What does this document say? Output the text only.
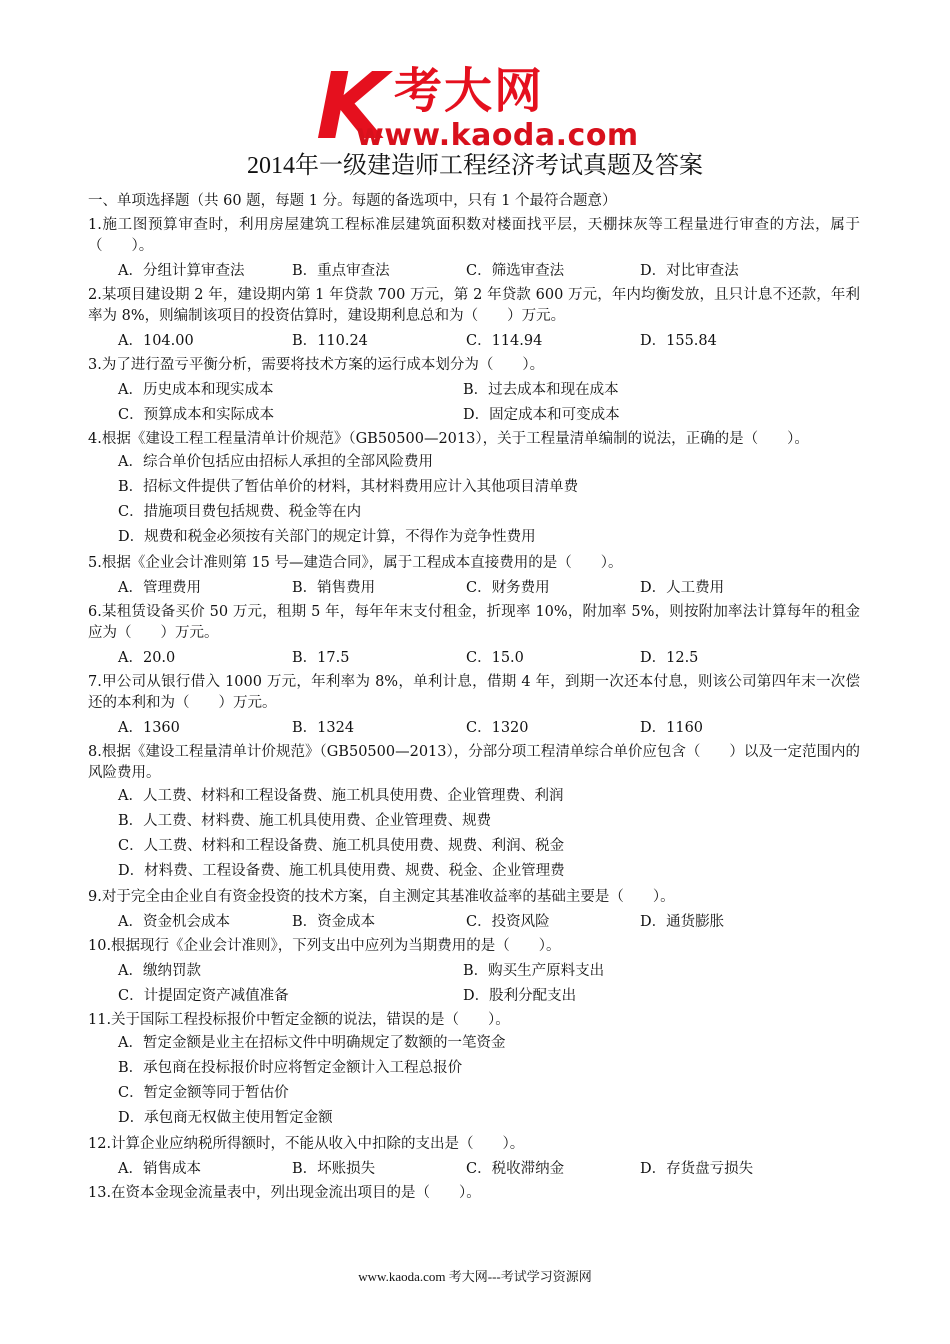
K 考大网
www.kaoda.com
2014年一级建造师工程经济考试真题及答案

一、单项选择题（共 60 题，每题 1 分。每题的备选项中，只有 1 个最符合题意）

1.施工图预算审查时，利用房屋建筑工程标准层建筑面积数对楼面找平层，天棚抹灰等工程量进行审查的方法，属于（　　）。

A．分组计算审查法	B．重点审查法	C．筛选审查法	D．对比审查法

2.某项目建设期 2 年，建设期内第 1 年贷款 700 万元，第 2 年贷款 600 万元，年内均衡发放，且只计息不还款，年利率为 8%，则编制该项目的投资估算时，建设期利息总和为（　　）万元。

A．104.00	B．110.24	C．114.94	D．155.84

3.为了进行盈亏平衡分析，需要将技术方案的运行成本划分为（　　）。

A．历史成本和现实成本	B．过去成本和现在成本
C．预算成本和实际成本	D．固定成本和可变成本

4.根据《建设工程工程量清单计价规范》（GB50500—2013），关于工程量清单编制的说法，正确的是（　　）。

A．综合单价包括应由招标人承担的全部风险费用
B．招标文件提供了暂估单价的材料，其材料费用应计入其他项目清单费
C．措施项目费包括规费、税金等在内
D．规费和税金必须按有关部门的规定计算，不得作为竞争性费用

5.根据《企业会计准则第 15 号—建造合同》，属于工程成本直接费用的是（　　）。

A．管理费用	B．销售费用	C．财务费用	D．人工费用

6.某租赁设备买价 50 万元，租期 5 年，每年年末支付租金，折现率 10%，附加率 5%，则按附加率法计算每年的租金应为（　　）万元。

A．20.0	B．17.5	C．15.0	D．12.5

7.甲公司从银行借入 1000 万元，年利率为 8%，单利计息，借期 4 年，到期一次还本付息，则该公司第四年末一次偿还的本利和为（　　）万元。

A．1360	B．1324	C．1320	D．1160

8.根据《建设工程量清单计价规范》（GB50500—2013），分部分项工程清单综合单价应包含（　　）以及一定范围内的风险费用。

A．人工费、材料和工程设备费、施工机具使用费、企业管理费、利润
B．人工费、材料费、施工机具使用费、企业管理费、规费
C．人工费、材料和工程设备费、施工机具使用费、规费、利润、税金
D．材料费、工程设备费、施工机具使用费、规费、税金、企业管理费

9.对于完全由企业自有资金投资的技术方案，自主测定其基准收益率的基础主要是（　　）。

A．资金机会成本	B．资金成本	C．投资风险	D．通货膨胀

10.根据现行《企业会计准则》，下列支出中应列为当期费用的是（　　）。

A．缴纳罚款	B．购买生产原料支出
C．计提固定资产减值准备	D．股利分配支出

11.关于国际工程投标报价中暂定金额的说法，错误的是（　　）。

A．暂定金额是业主在招标文件中明确规定了数额的一笔资金
B．承包商在投标报价时应将暂定金额计入工程总报价
C．暂定金额等同于暂估价
D．承包商无权做主使用暂定金额

12.计算企业应纳税所得额时，不能从收入中扣除的支出是（　　）。

A．销售成本	B．坏账损失	C．税收滞纳金	D．存货盘亏损失

13.在资本金现金流量表中，列出现金流出项目的是（　　）。

www.kaoda.com 考大网---考试学习资源网
